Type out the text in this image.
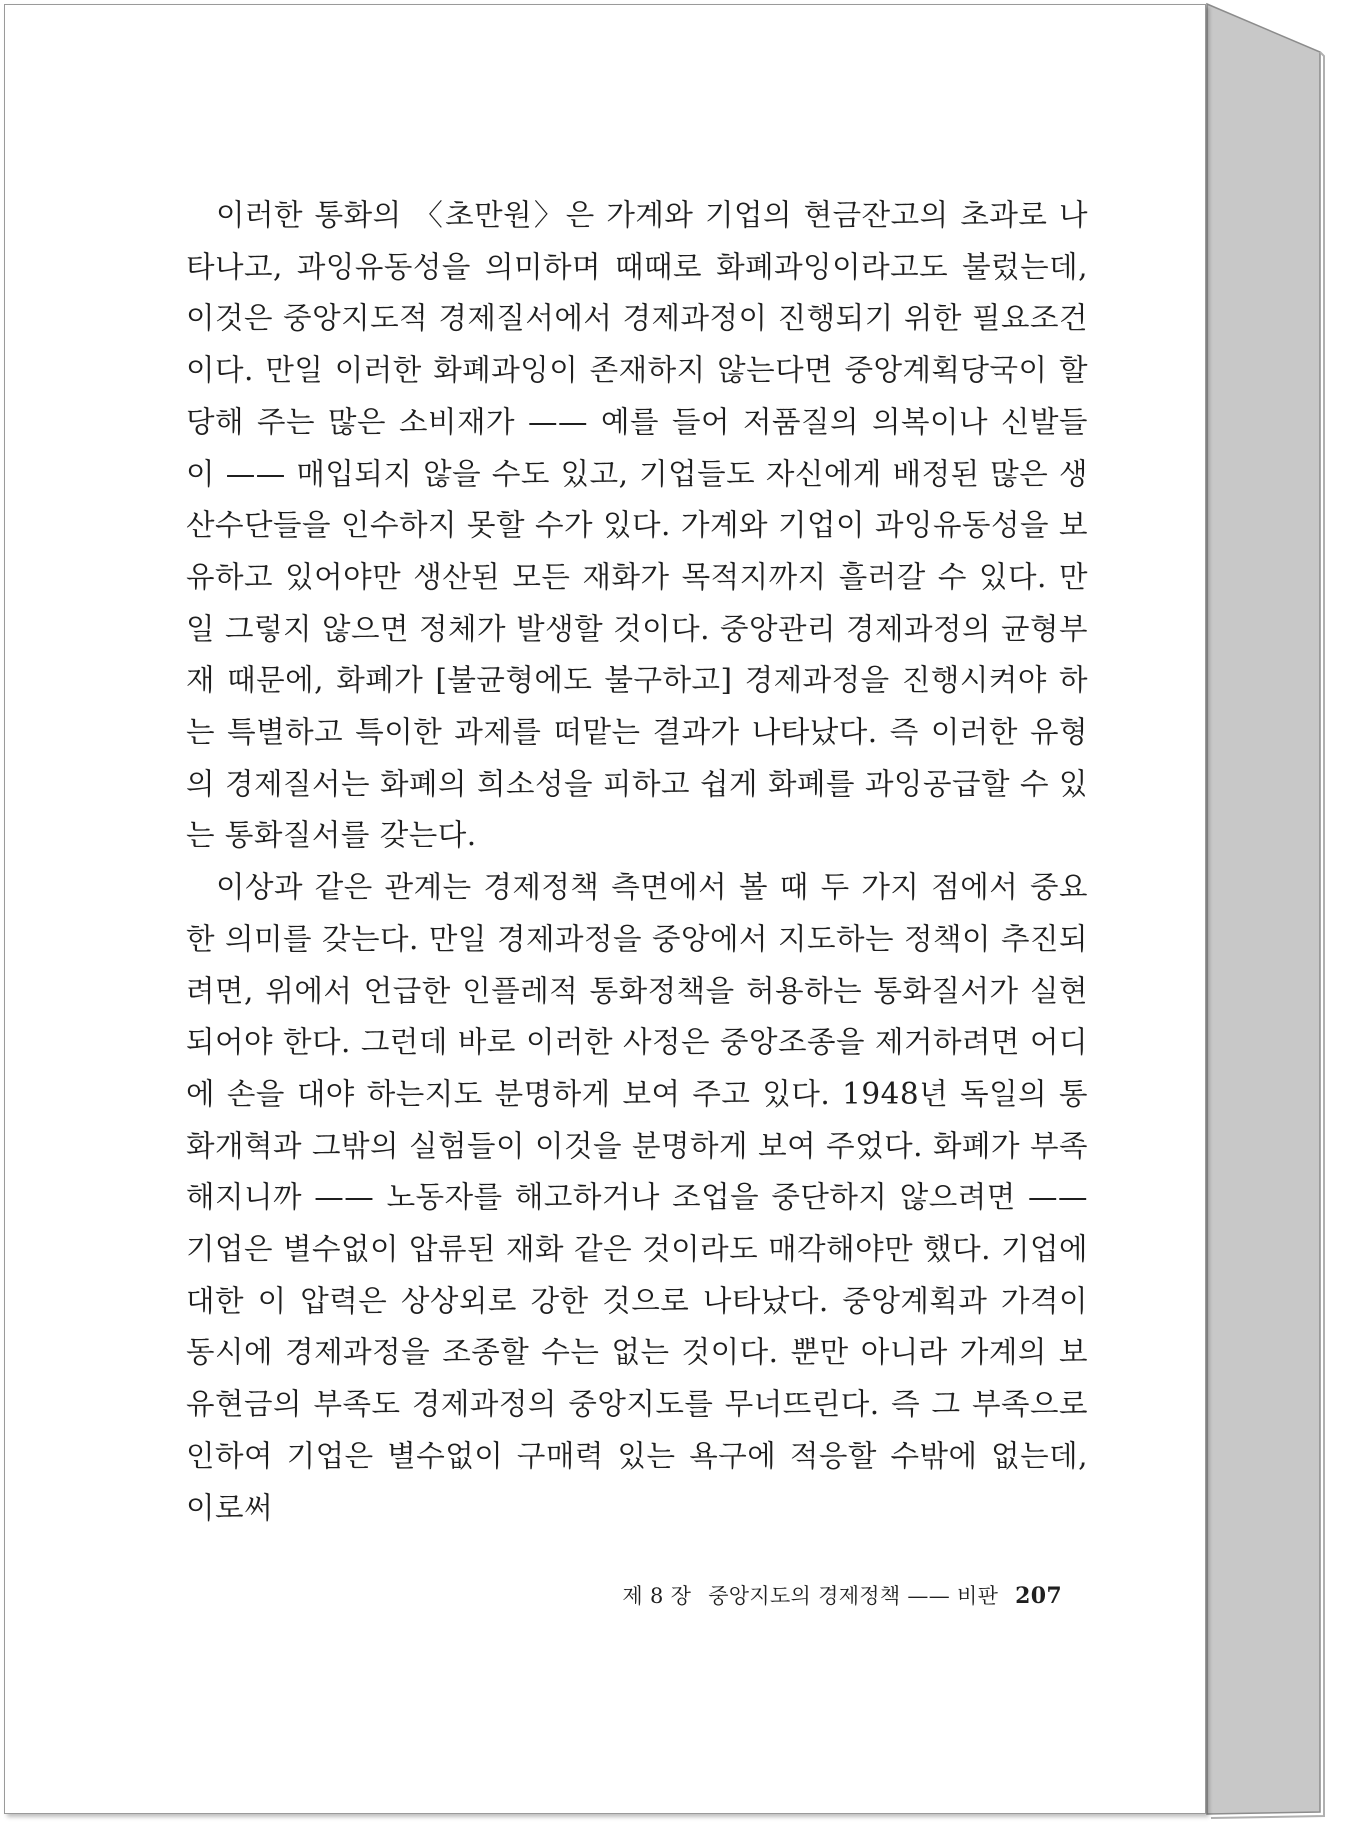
이러한 통화의 〈초만원〉은 가계와 기업의 현금잔고의 초과로 나타나고, 과잉유동성을 의미하며 때때로 화폐과잉이라고도 불렀는데, 이것은 중앙지도적 경제질서에서 경제과정이 진행되기 위한 필요조건이다. 만일 이러한 화폐과잉이 존재하지 않는다면 중앙계획당국이 할당해 주는 많은 소비재가 —— 예를 들어 저품질의 의복이나 신발들이 —— 매입되지 않을 수도 있고, 기업들도 자신에게 배정된 많은 생산수단들을 인수하지 못할 수가 있다. 가계와 기업이 과잉유동성을 보유하고 있어야만 생산된 모든 재화가 목적지까지 흘러갈 수 있다. 만일 그렇지 않으면 정체가 발생할 것이다. 중앙관리 경제과정의 균형부재 때문에, 화폐가 [불균형에도 불구하고] 경제과정을 진행시켜야 하는 특별하고 특이한 과제를 떠맡는 결과가 나타났다. 즉 이러한 유형의 경제질서는 화폐의 희소성을 피하고 쉽게 화폐를 과잉공급할 수 있는 통화질서를 갖는다.

이상과 같은 관계는 경제정책 측면에서 볼 때 두 가지 점에서 중요한 의미를 갖는다. 만일 경제과정을 중앙에서 지도하는 정책이 추진되려면, 위에서 언급한 인플레적 통화정책을 허용하는 통화질서가 실현되어야 한다. 그런데 바로 이러한 사정은 중앙조종을 제거하려면 어디에 손을 대야 하는지도 분명하게 보여 주고 있다. 1948년 독일의 통화개혁과 그밖의 실험들이 이것을 분명하게 보여 주었다. 화폐가 부족해지니까 —— 노동자를 해고하거나 조업을 중단하지 않으려면 —— 기업은 별수없이 압류된 재화 같은 것이라도 매각해야만 했다. 기업에 대한 이 압력은 상상외로 강한 것으로 나타났다. 중앙계획과 가격이 동시에 경제과정을 조종할 수는 없는 것이다. 뿐만 아니라 가계의 보유현금의 부족도 경제과정의 중앙지도를 무너뜨린다. 즉 그 부족으로 인하여 기업은 별수없이 구매력 있는 욕구에 적응할 수밖에 없는데, 이로써

제 8 장 중앙지도의 경제정책 —— 비판 207
